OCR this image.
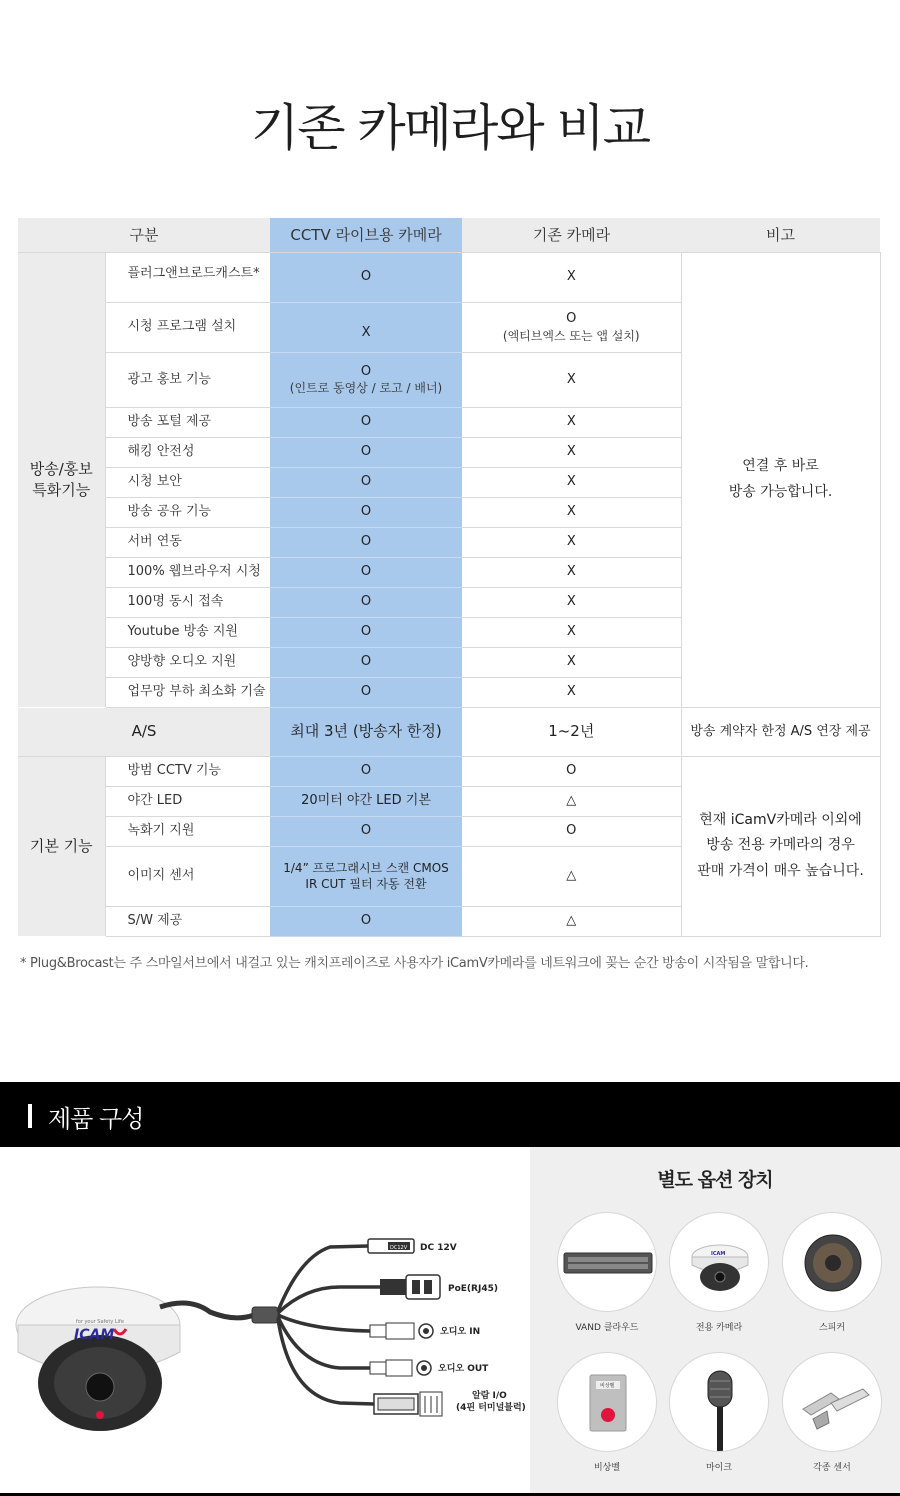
기존 카메라와 비교
구분		CCTV 라이브용 카메라	기존 카메라	비고
방송/홍보
특화기능	플러그앤브로드캐스트*	O	X	연결 후 바로
방송 가능합니다.
	시청 프로그램 설치	X	O
(엑티브엑스 또는 앱 설치)	

	광고 홍보 기능	O
(인트로 동영상 / 로고 / 배너)	X	
	방송 포털 제공	O	X	
	해킹 안전성	O	X	
	시청 보안	O	X	
	방송 공유 기능	O	X	
	서버 연동	O	X	
	100% 웹브라우저 시청	O	X	
	100명 동시 접속	O	X	
	Youtube 방송 지원	O	X	
	양방향 오디오 지원	O	X	
	업무망 부하 최소화 기술	O	X	
A/S		최대 3년 (방송자 한정)	1~2년	방송 계약자 한정 A/S 연장 제공
기본 기능	방범 CCTV 기능	O	O	현재 iCamV카메라 이외에
방송 전용 카메라의 경우
판매 가격이 매우 높습니다.
	야간 LED	20미터 야간 LED 기본	△	
	녹화기 지원	O	O	
	이미지 센서	1/4” 프로그래시브 스캔 CMOS
IR CUT 필터 자동 전환	△	
	S/W 제공	O	△	

* Plug&Brocast는 주 스마일서브에서 내걸고 있는 캐치프레이즈로 사용자가 iCamV카메라를 네트워크에 꽂는 순간 방송이 시작됨을 말합니다.

제품 구성
ICAM
for your Safety Life
DC12V DC 12V
PoE(RJ45)
오디오 IN
오디오 OUT
알람 I/O
(4핀 터미널블럭)
별도 옵션 장치
VAND 클라우드
ICAM
전용 카메라	스피커
비상벨
비상벨	마이크	각종 센서
